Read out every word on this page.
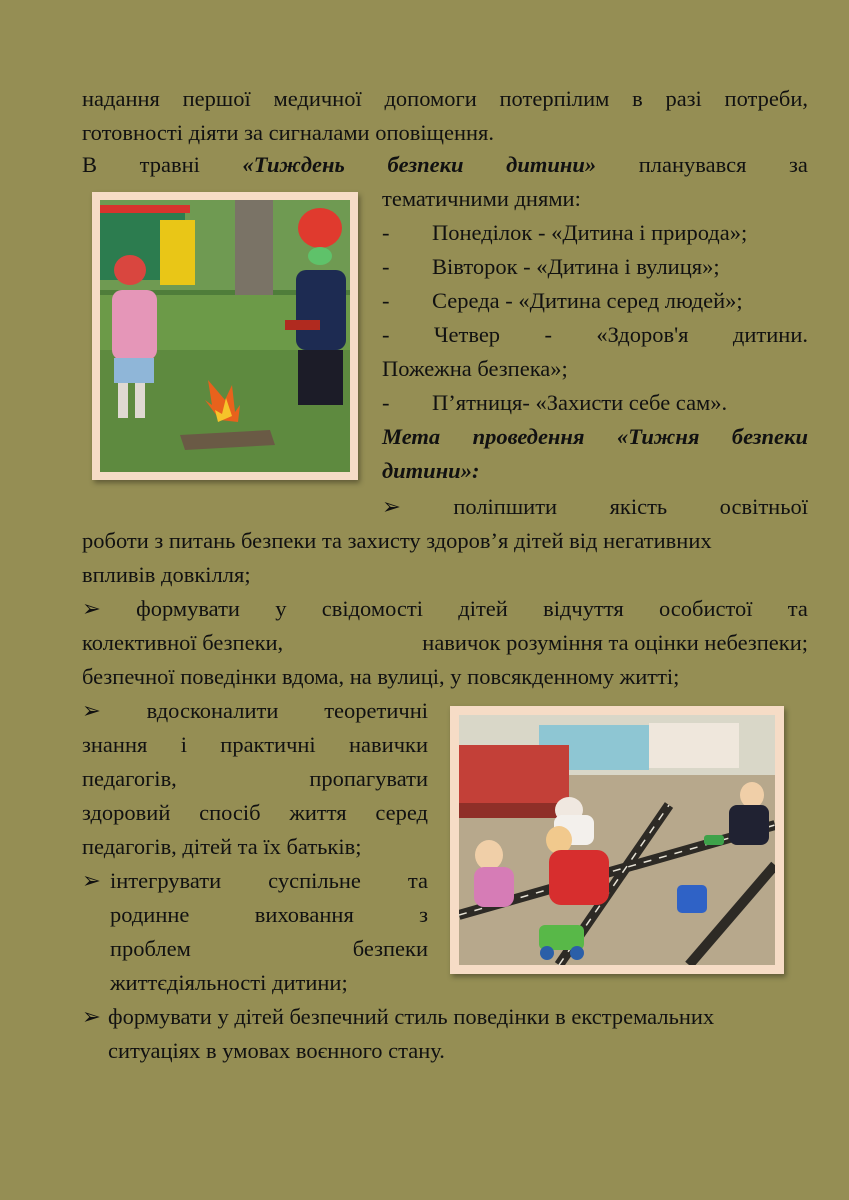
надання першої медичної допомоги потерпілим в разі потреби,
готовності діяти за сигналами оповіщення.
В травні «Тиждень безпеки дитини» планувався за
тематичними днями:
- Понеділок - «Дитина і природа»;
- Вівторок - «Дитина і вулиця»;
- Середа - «Дитина серед людей»;
- Четвер - «Здоров'я дитини.
Пожежна безпека»;
- П’ятниця- «Захисти себе сам».
Мета проведення «Тижня безпеки
дитини»:
➢ поліпшити якість освітньої
роботи з питань безпеки та захисту здоров’я дітей від негативних
впливів довкілля;
➢ формувати у свідомості дітей відчуття особистої та
колективної безпеки,	навичок розуміння та оцінки небезпеки;
безпечної поведінки вдома, на вулиці, у повсякденному житті;
➢ вдосконалити теоретичні
знання і практичні навички
педагогів,	пропагувати
здоровий спосіб життя серед
педагогів, дітей та їх батьків;
➢ інтегрувати суспільне та
родинне	виховання	з
проблем	безпеки
життєдіяльності дитини;
➢ формувати у дітей безпечний стиль поведінки в екстремальних
ситуаціях в умовах воєнного стану.
